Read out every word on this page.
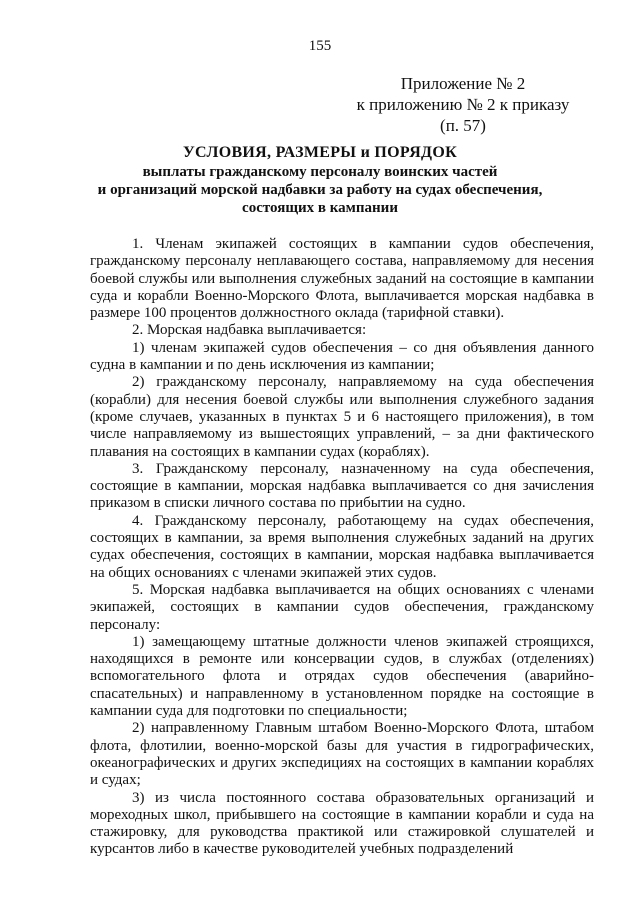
155
Приложение № 2
к приложению № 2 к приказу
(п. 57)
УСЛОВИЯ, РАЗМЕРЫ и ПОРЯДОК
выплаты гражданскому персоналу воинских частей
и организаций морской надбавки за работу на судах обеспечения,
состоящих в кампании

1. Членам экипажей состоящих в кампании судов обеспечения, гражданскому персоналу неплавающего состава, направляемому для несения боевой службы или выполнения служебных заданий на состоящие в кампании суда и корабли Военно-Морского Флота, выплачивается морская надбавка в размере 100 процентов должностного оклада (тарифной ставки).

2. Морская надбавка выплачивается:

1) членам экипажей судов обеспечения – со дня объявления данного судна в кампании и по день исключения из кампании;

2) гражданскому персоналу, направляемому на суда обеспечения (корабли) для несения боевой службы или выполнения служебного задания (кроме случаев, указанных в пунктах 5 и 6 настоящего приложения), в том числе направляемому из вышестоящих управлений, – за дни фактического плавания на состоящих в кампании судах (кораблях).

3. Гражданскому персоналу, назначенному на суда обеспечения, состоящие в кампании, морская надбавка выплачивается со дня зачисления приказом в списки личного состава по прибытии на судно.

4. Гражданскому персоналу, работающему на судах обеспечения, состоящих в кампании, за время выполнения служебных заданий на других судах обеспечения, состоящих в кампании, морская надбавка выплачивается на общих основаниях с членами экипажей этих судов.

5. Морская надбавка выплачивается на общих основаниях с членами экипажей, состоящих в кампании судов обеспечения, гражданскому персоналу:

1) замещающему штатные должности членов экипажей строящихся, находящихся в ремонте или консервации судов, в службах (отделениях) вспомогательного флота и отрядах судов обеспечения (аварийно-спасательных) и направленному в установленном порядке на состоящие в кампании суда для подготовки по специальности;

2) направленному Главным штабом Военно-Морского Флота, штабом флота, флотилии, военно-морской базы для участия в гидрографических, океанографических и других экспедициях на состоящих в кампании кораблях и судах;

3) из числа постоянного состава образовательных организаций и мореходных школ, прибывшего на состоящие в кампании корабли и суда на стажировку, для руководства практикой или стажировкой слушателей и курсантов либо в качестве руководителей учебных подразделений
